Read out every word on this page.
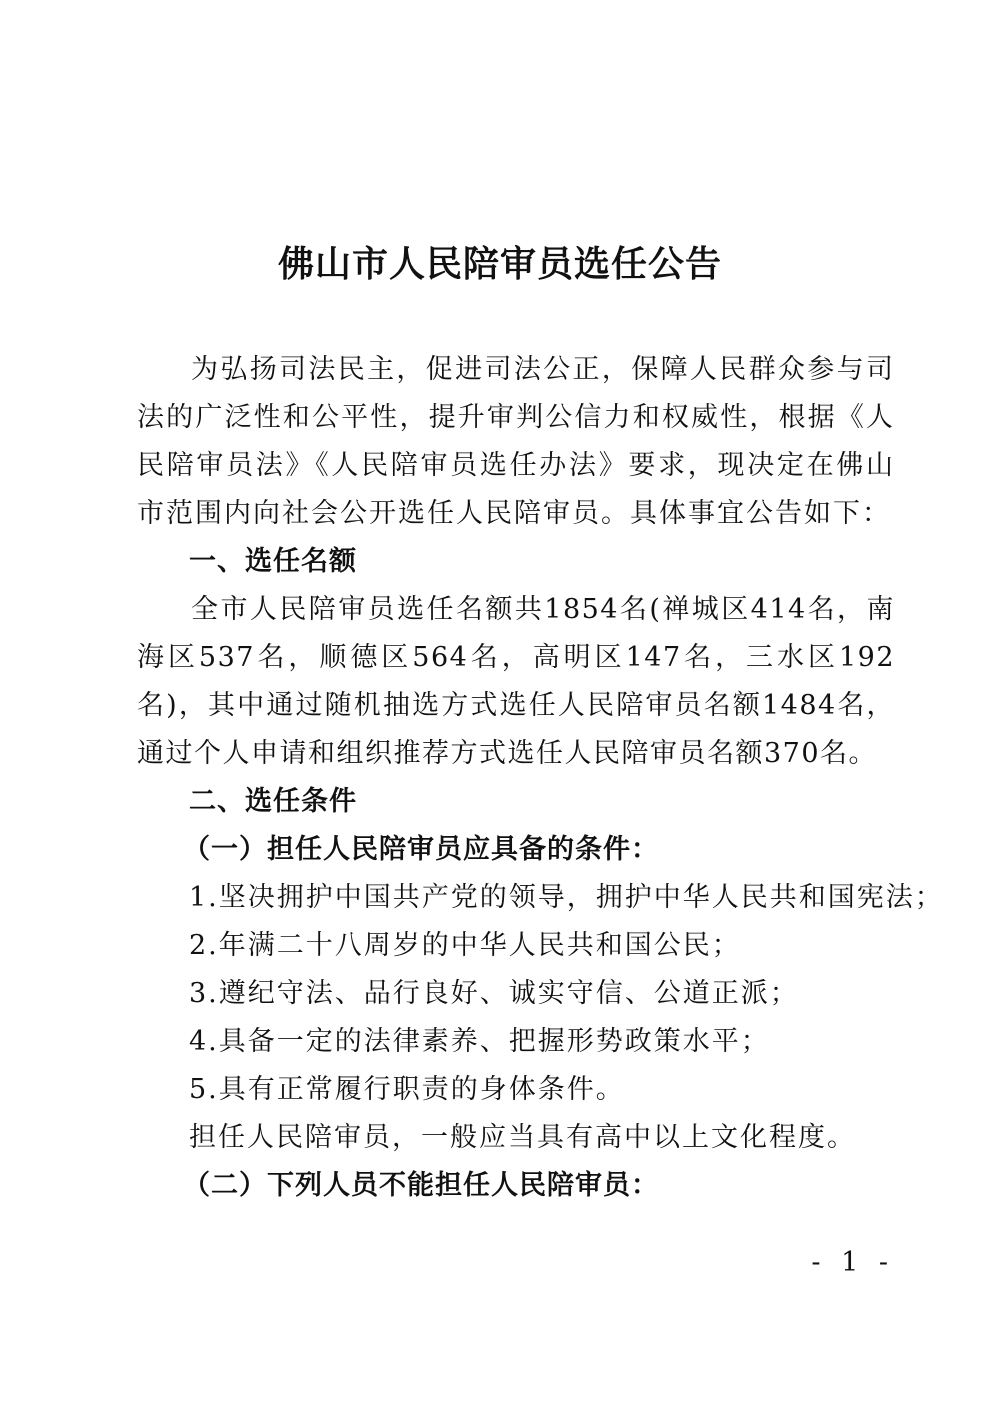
佛山市人民陪审员选任公告
为弘扬司法民主，促进司法公正，保障人民群众参与司法的广泛性和公平性，提升审判公信力和权威性，根据《人民陪审员法》《人民陪审员选任办法》要求，现决定在佛山市范围内向社会公开选任人民陪审员。具体事宜公告如下：
一、选任名额
全市人民陪审员选任名额共1854名(禅城区414名，南海区537名，顺德区564名，高明区147名，三水区192名)，其中通过随机抽选方式选任人民陪审员名额1484名，通过个人申请和组织推荐方式选任人民陪审员名额370名。
二、选任条件
（一）担任人民陪审员应具备的条件：
1.坚决拥护中国共产党的领导，拥护中华人民共和国宪法；
2.年满二十八周岁的中华人民共和国公民；
3.遵纪守法、品行良好、诚实守信、公道正派；
4.具备一定的法律素养、把握形势政策水平；
5.具有正常履行职责的身体条件。
担任人民陪审员，一般应当具有高中以上文化程度。
（二）下列人员不能担任人民陪审员：
- 1 -
